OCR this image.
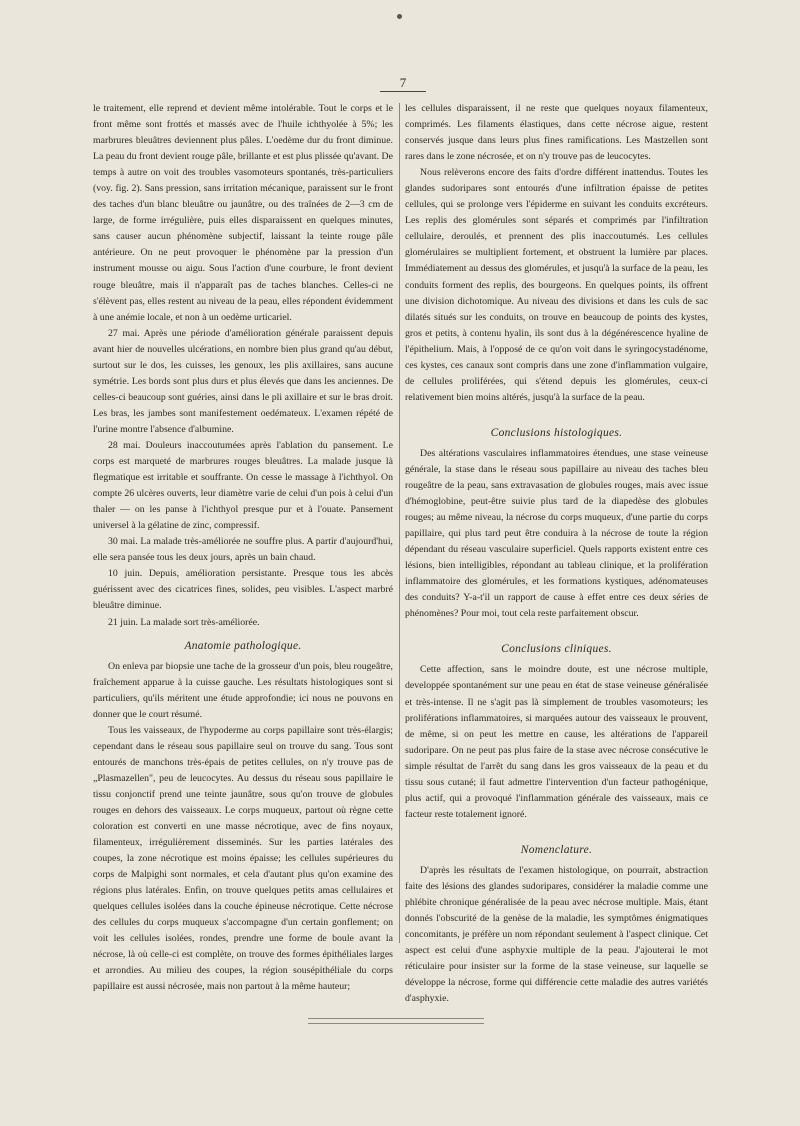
7

le traitement, elle reprend et devient même intolérable. Tout le corps et le front même sont frottés et massés avec de l'huile ichthyolée à 5%; les marbrures bleuâtres deviennent plus pâles. L'oedème dur du front diminue. La peau du front devient rouge pâle, brillante et est plus plissée qu'avant. De temps à autre on voit des troubles vasomoteurs spontanés, très-particuliers (voy. fig. 2). Sans pression, sans irritation mécanique, paraissent sur le front des taches d'un blanc bleuâtre ou jaunâtre, ou des traînées de 2—3 cm de large, de forme irrégulière, puis elles disparaissent en quelques minutes, sans causer aucun phénomène subjectif, laissant la teinte rouge pâle antérieure. On ne peut provoquer le phénomène par la pression d'un instrument mousse ou aigu. Sous l'action d'une courbure, le front devient rouge bleuâtre, mais il n'apparaît pas de taches blanches. Celles-ci ne s'élèvent pas, elles restent au niveau de la peau, elles répondent évidemment à une anémie locale, et non à un oedème urticariel.

27 mai. Après une période d'amélioration générale paraissent depuis avant hier de nouvelles ulcérations, en nombre bien plus grand qu'au début, surtout sur le dos, les cuisses, les genoux, les plis axillaires, sans aucune symétrie. Les bords sont plus durs et plus élevés que dans les anciennes. De celles-ci beaucoup sont guéries, ainsi dans le pli axillaire et sur le bras droit. Les bras, les jambes sont manifestement oedémateux. L'examen répété de l'urine montre l'absence d'albumine.

28 mai. Douleurs inaccoutumées après l'ablation du pansement. Le corps est marqueté de marbrures rouges bleuâtres. La malade jusque là flegmatique est irritable et souffrante. On cesse le massage à l'ichthyol. On compte 26 ulcères ouverts, leur diamètre varie de celui d'un pois à celui d'un thaler — on les panse à l'ichthyol presque pur et à l'ouate. Pansement universel à la gélatine de zinc, compressif.

30 mai. La malade très-améliorée ne souffre plus. A partir d'aujourd'hui, elle sera pansée tous les deux jours, après un bain chaud.

10 juin. Depuis, amélioration persistante. Presque tous les abcès guérissent avec des cicatrices fines, solides, peu visibles. L'aspect marbré bleuâtre diminue.

21 juin. La malade sort très-améliorée.

Anatomie pathologique.

On enleva par biopsie une tache de la grosseur d'un pois, bleu rougeâtre, fraîchement apparue à la cuisse gauche. Les résultats histologiques sont si particuliers, qu'ils méritent une étude approfondie; ici nous ne pouvons en donner que le court résumé.

Tous les vaisseaux, de l'hypoderme au corps papillaire sont très-élargis; cependant dans le réseau sous papillaire seul on trouve du sang. Tous sont entourés de manchons très-épais de petites cellules, on n'y trouve pas de „Plasmazellen", peu de leucocytes. Au dessus du réseau sous papillaire le tissu conjonctif prend une teinte jaunâtre, sous qu'on trouve de globules rouges en dehors des vaisseaux. Le corps muqueux, partout où règne cette coloration est converti en une masse nécrotique, avec de fins noyaux, filamenteux, irrégulièrement disseminés. Sur les parties latérales des coupes, la zone nécrotique est moins épaisse; les cellules supérieures du corps de Malpighi sont normales, et cela d'autant plus qu'on examine des régions plus latérales. Enfin, on trouve quelques petits amas cellulaires et quelques cellules isolées dans la couche épineuse nécrotique. Cette nécrose des cellules du corps muqueux s'accompagne d'un certain gonflement; on voit les cellules isolées, rondes, prendre une forme de boule avant la nécrose, là où celle-ci est complète, on trouve des formes épithéliales larges et arrondies. Au milieu des coupes, la région sousépithéliale du corps papillaire est aussi nécrosée, mais non partout à la même hauteur;

les cellules disparaissent, il ne reste que quelques noyaux filamenteux, comprimés. Les filaments élastiques, dans cette nécrose aigue, restent conservés jusque dans leurs plus fines ramifications. Les Mastzellen sont rares dans le zone nécrosée, et on n'y trouve pas de leucocytes.

Nous relèverons encore des faits d'ordre différent inattendus. Toutes les glandes sudoripares sont entourés d'une infiltration épaisse de petites cellules, qui se prolonge vers l'épiderme en suivant les conduits excréteurs. Les replis des glomérules sont séparés et comprimés par l'infiltration cellulaire, deroulés, et prennent des plis inaccoutumés. Les cellules glomérulaires se multiplient fortement, et obstruent la lumière par places. Immédiatement au dessus des glomérules, et jusqu'à la surface de la peau, les conduits forment des replis, des bourgeons. En quelques points, ils offrent une division dichotomique. Au niveau des divisions et dans les culs de sac dilatés situés sur les conduits, on trouve en beaucoup de points des kystes, gros et petits, à contenu hyalin, ils sont dus à la dégénérescence hyaline de l'épithelium. Mais, à l'opposé de ce qu'on voit dans le syringocystadénome, ces kystes, ces canaux sont compris dans une zone d'inflammation vulgaire, de cellules proliférées, qui s'étend depuis les glomérules, ceux-ci relativement bien moins altérés, jusqu'à la surface de la peau.

Conclusions histologiques.

Des altérations vasculaires inflammatoires étendues, une stase veineuse générale, la stase dans le réseau sous papillaire au niveau des taches bleu rougeâtre de la peau, sans extravasation de globules rouges, mais avec issue d'hémoglobine, peut-être suivie plus tard de la diapedèse des globules rouges; au même niveau, la nécrose du corps muqueux, d'une partie du corps papillaire, qui plus tard peut être conduira à la nécrose de toute la région dépendant du réseau vasculaire superficiel. Quels rapports existent entre ces lésions, bien intelligibles, répondant au tableau clinique, et la prolifération inflammatoire des glomérules, et les formations kystiques, adénomateuses des conduits? Y-a-t'il un rapport de cause à effet entre ces deux séries de phénomènes? Pour moi, tout cela reste parfaitement obscur.

Conclusions cliniques.

Cette affection, sans le moindre doute, est une nécrose multiple, developpée spontanément sur une peau en état de stase veineuse généralisée et très-intense. Il ne s'agit pas là simplement de troubles vasomoteurs; les proliférations inflammatoires, si marquées autour des vaisseaux le prouvent, de même, si on peut les mettre en cause, les altérations de l'appareil sudoripare. On ne peut pas plus faire de la stase avec nécrose consécutive le simple résultat de l'arrêt du sang dans les gros vaisseaux de la peau et du tissu sous cutané; il faut admettre l'intervention d'un facteur pathogénique, plus actif, qui a provoqué l'inflammation générale des vaisseaux, mais ce facteur reste totalement ignoré.

Nomenclature.

D'après les résultats de l'examen histologique, on pourrait, abstraction faite des lésions des glandes sudoripares, considérer la maladie comme une phlébite chronique généralisée de la peau avec nécrose multiple. Mais, étant donnés l'obscurité de la genèse de la maladie, les symptômes énigmatiques concomitants, je préfère un nom répondant seulement à l'aspect clinique. Cet aspect est celui d'une asphyxie multiple de la peau. J'ajouterai le mot réticulaire pour insister sur la forme de la stase veineuse, sur laquelle se développe la nécrose, forme qui différencie cette maladie des autres variétés d'asphyxie.
